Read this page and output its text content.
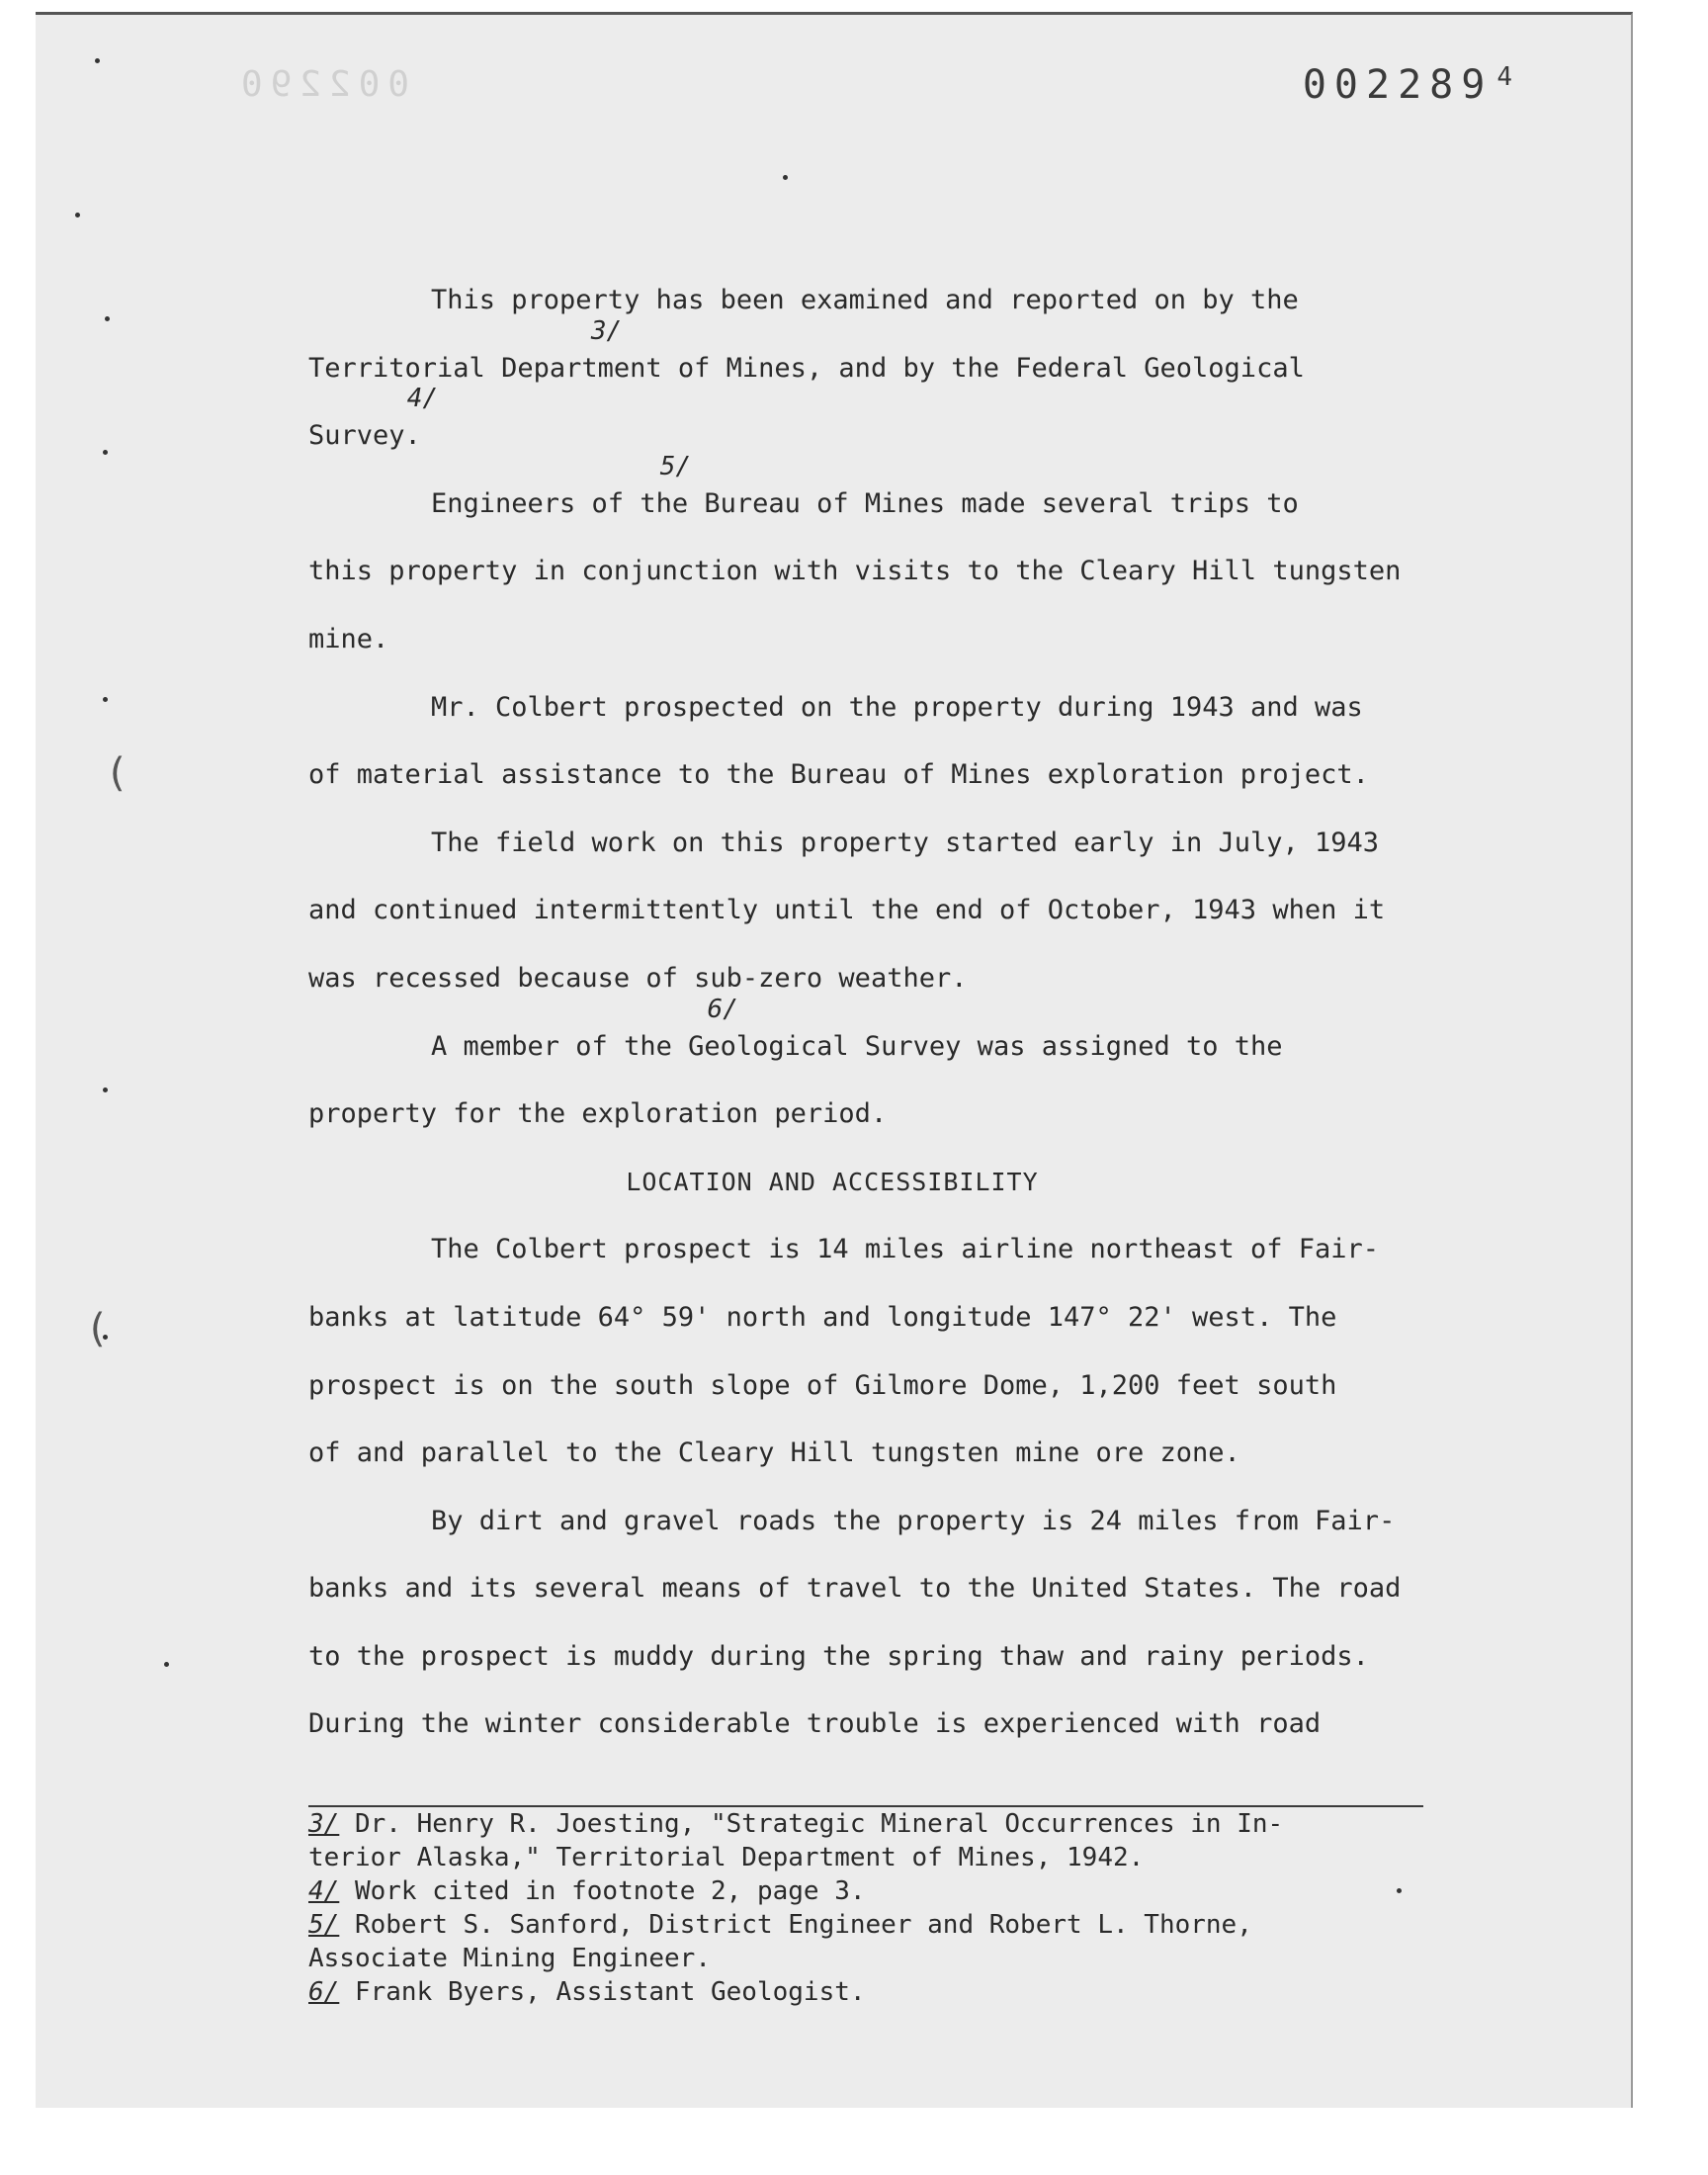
002290	002289 $^4$
(
(

This property has been examined and reported on by the

Territorial Department of Mines, and by the Federal Geological3/

Survey.4/

Engineers of the Bureau of Mines made several trips to5/

this property in conjunction with visits to the Cleary Hill tungsten

mine.

Mr. Colbert prospected on the property during 1943 and was

of material assistance to the Bureau of Mines exploration project.

The field work on this property started early in July, 1943

and continued intermittently until the end of October, 1943 when it

was recessed because of sub-zero weather.

A member of the Geological Survey was assigned to the6/

property for the exploration period.

LOCATION AND ACCESSIBILITY

The Colbert prospect is 14 miles airline northeast of Fair-

banks at latitude 64° 59' north and longitude 147° 22' west. The

prospect is on the south slope of Gilmore Dome, 1,200 feet south

of and parallel to the Cleary Hill tungsten mine ore zone.

By dirt and gravel roads the property is 24 miles from Fair-

banks and its several means of travel to the United States. The road

to the prospect is muddy during the spring thaw and rainy periods.

During the winter considerable trouble is experienced with road

3/ Dr. Henry R. Joesting, "Strategic Mineral Occurrences in In-

terior Alaska," Territorial Department of Mines, 1942.

4/ Work cited in footnote 2, page 3.

5/ Robert S. Sanford, District Engineer and Robert L. Thorne,

Associate Mining Engineer.

6/ Frank Byers, Assistant Geologist.
